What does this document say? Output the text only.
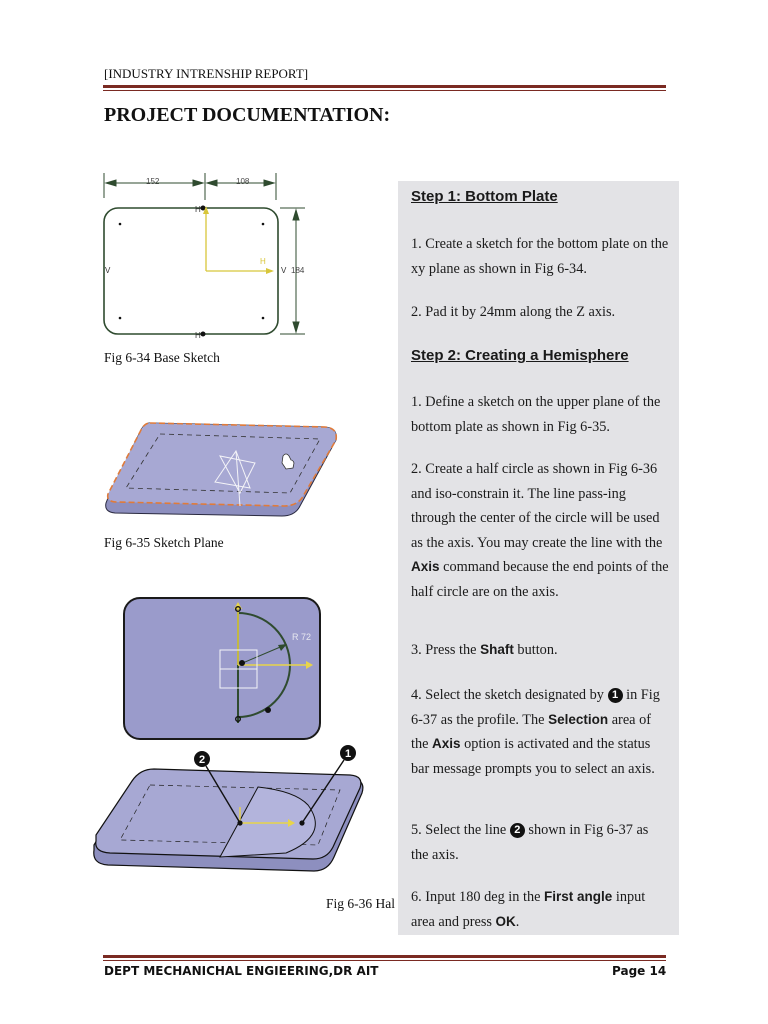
[INDUSTRY INTRENSHIP REPORT]
PROJECT DOCUMENTATION:
H
H
V	V
152	108
184
H
Fig 6-34 Base Sketch
Fig 6-35 Sketch Plane
R 72
2	1
Fig 6-36 Hal
Step 1: Bottom Plate
1. Create a sketch for the bottom plate on the xy plane as shown in Fig 6-34.
2. Pad it by 24mm along the Z axis.
Step 2: Creating a Hemisphere
1. Define a sketch on the upper plane of the bottom plate as shown in Fig 6-35.
2. Create a half circle as shown in Fig 6-36 and iso-constrain it. The line pass-ing through the center of the circle will be used as the axis. You may create the line with the Axis command because the end points of the half circle are on the axis.
3. Press the Shaft button.
4. Select the sketch designated by 1 in Fig 6-37 as the profile. The Selection area of the Axis option is activated and the status bar message prompts you to select an axis.
5. Select the line 2 shown in Fig 6-37 as the axis.
6. Input 180 deg in the First angle input area and press OK.
DEPT MECHANICHAL ENGIEERING,DR AIT	Page 14
